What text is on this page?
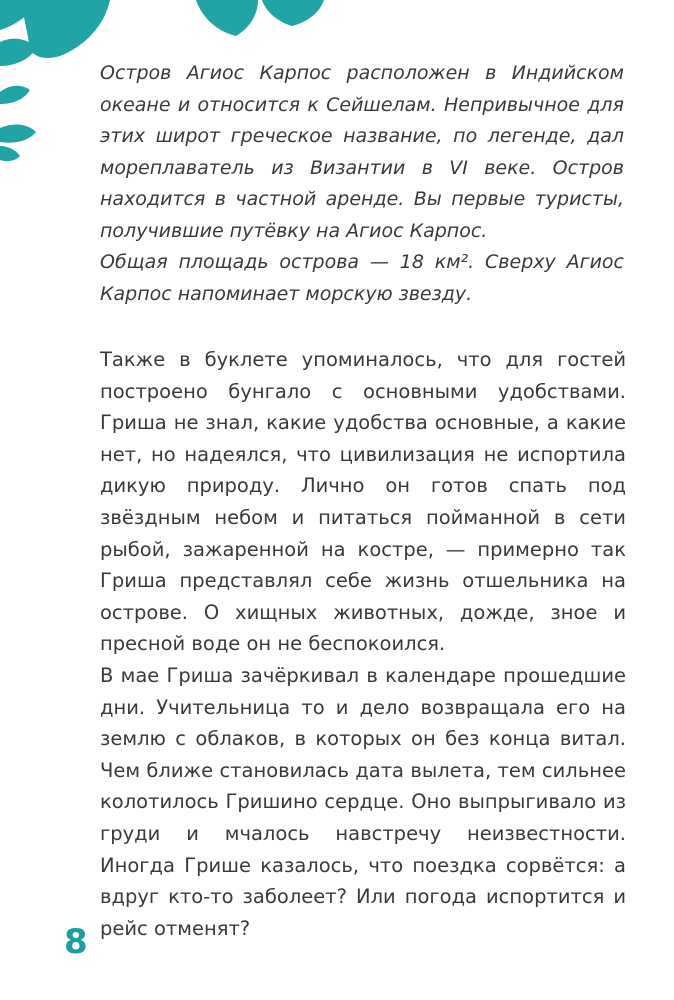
Остров Агиос Карпос расположен в Индийском океане и относится к Сейшелам. Непривычное для этих широт греческое название, по легенде, дал мореплаватель из Византии в VI веке. Остров находится в частной аренде. Вы первые туристы, получившие путёвку на Агиос Карпос.

Общая площадь острова — 18 км². Сверху Агиос Карпос напоминает морскую звезду.

Также в буклете упоминалось, что для гостей построено бунгало с основными удобствами. Гриша не знал, какие удобства основные, а какие нет, но надеялся, что цивилизация не испортила дикую природу. Лично он готов спать под звёздным небом и питаться пойманной в сети рыбой, зажаренной на костре, — примерно так Гриша представлял себе жизнь отшельника на острове. О хищных животных, дожде, зное и пресной воде он не беспокоился.

В мае Гриша зачёркивал в календаре прошедшие дни. Учительница то и дело возвращала его на землю с облаков, в которых он без конца витал. Чем ближе становилась дата вылета, тем сильнее колотилось Гришино сердце. Оно выпрыгивало из груди и мчалось навстречу неизвестности. Иногда Грише казалось, что поездка сорвётся: а вдруг кто-то заболеет? Или погода испортится и рейс отменят?

8
